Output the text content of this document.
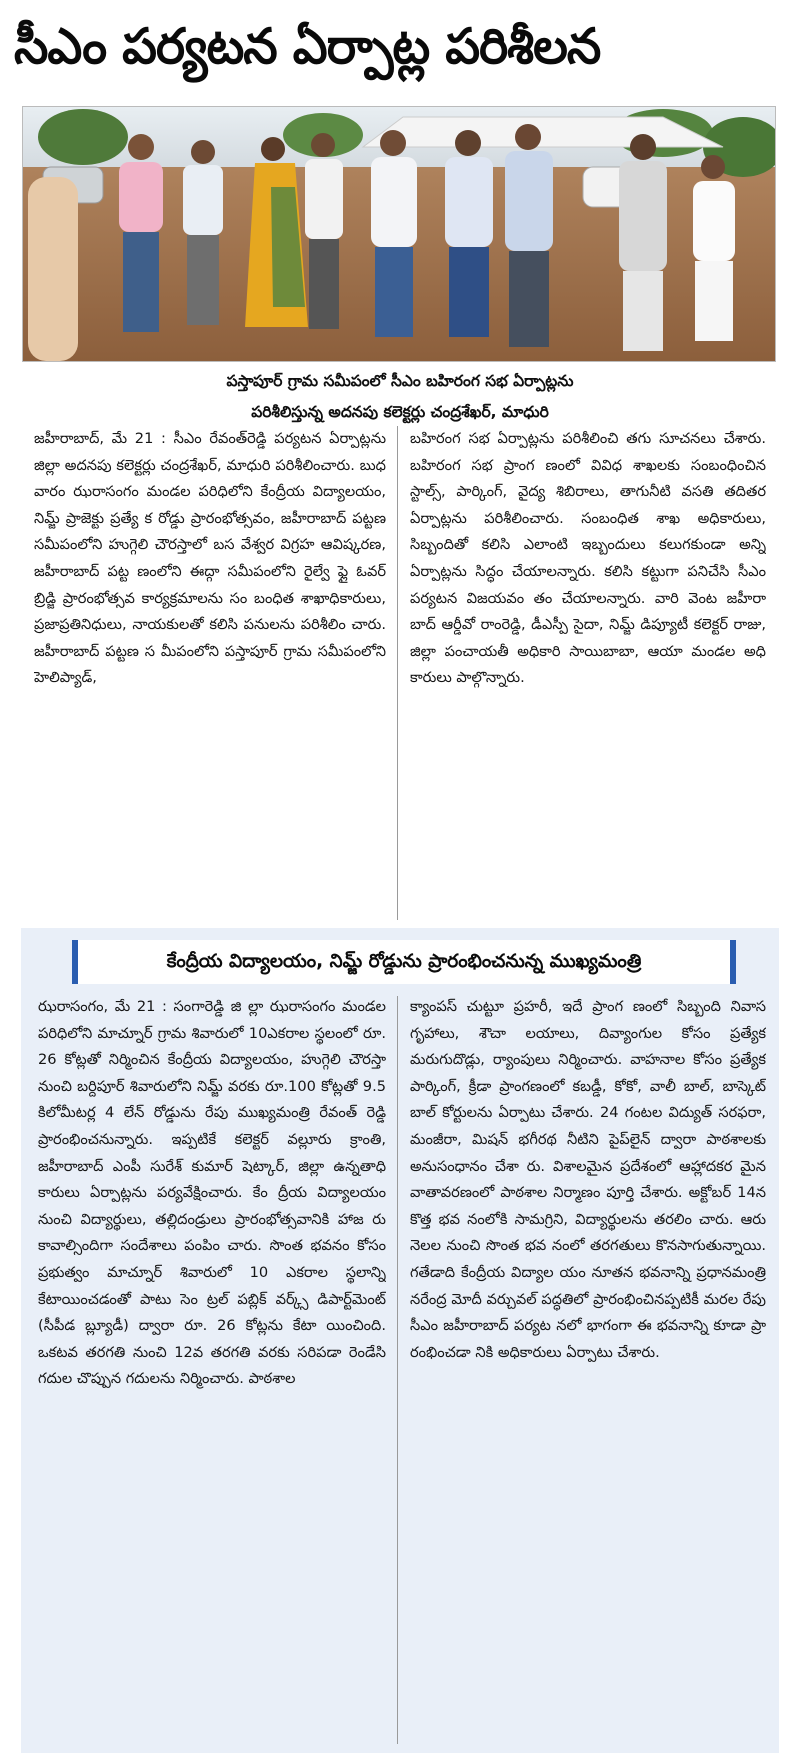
సీఎం పర్యటన ఏర్పాట్ల పరిశీలన
పస్తాపూర్ గ్రామ సమీపంలో సీఎం బహిరంగ సభ ఏర్పాట్లను
పరిశీలిస్తున్న అదనపు కలెక్టర్లు చంద్రశేఖర్, మాధురి

జహీరాబాద్, మే 21 : సీఎం రేవంత్‌రెడ్డి పర్యటన ఏర్పాట్లను జిల్లా అదనపు కలెక్టర్లు చంద్రశేఖర్, మాధురి పరిశీలించారు. బుధ వారం ఝరాసంగం మండల పరిధిలోని కేంద్రీయ విద్యాలయం, నిమ్జ్ ప్రాజెక్టు ప్రత్యే క రోడ్డు ప్రారంభోత్సవం, జహీరాబాద్ పట్టణ సమీపంలోని హుగ్గెలి చౌరస్తాలో బస వేశ్వర విగ్రహ ఆవిష్కరణ, జహీరాబాద్ పట్ట ణంలోని ఈద్గా సమీపంలోని రైల్వే ఫ్లై ఓవర్ బ్రిడ్జి ప్రారంభోత్సవ కార్యక్రమాలను సం బంధిత శాఖాధికారులు, ప్రజాప్రతినిధులు, నాయకులతో కలిసి పనులను పరిశీలిం చారు. జహీరాబాద్ పట్టణ స మీపంలోని పస్తాపూర్ గ్రామ సమీపంలోని హెలిప్యాడ్,

బహిరంగ సభ ఏర్పాట్లను పరిశీలించి తగు సూచనలు చేశారు. బహిరంగ సభ ప్రాంగ ణంలో వివిధ శాఖలకు సంబంధించిన స్టాల్స్, పార్కింగ్, వైద్య శిబిరాలు, తాగునీటి వసతి తదితర ఏర్పాట్లను పరిశీలించారు. సంబంధిత శాఖ అధికారులు, సిబ్బందితో కలిసి ఎలాంటి ఇబ్బందులు కలుగకుండా అన్ని ఏర్పాట్లను సిద్ధం చేయాలన్నారు. కలిసి కట్టుగా పనిచేసి సీఎం పర్యటన విజయవం తం చేయాలన్నారు. వారి వెంట జహీరా బాద్ ఆర్డీవో రాంరెడ్డి, డీఎస్పీ సైదా, నిమ్జ్ డిప్యూటీ కలెక్టర్ రాజు, జిల్లా పంచాయతీ అధికారి సాయిబాబా, ఆయా మండల అధి కారులు పాల్గొన్నారు.

కేంద్రీయ విద్యాలయం, నిమ్జ్ రోడ్డును ప్రారంభించనున్న ముఖ్యమంత్రి

ఝరాసంగం, మే 21 : సంగారెడ్డి జి ల్లా ఝరాసంగం మండల పరిధిలోని మాచ్నూర్ గ్రామ శివారులో 10ఎకరాల స్థలంలో రూ. 26 కోట్లతో నిర్మించిన కేంద్రీయ విద్యాలయం, హుగ్గెలి చౌరస్తా నుంచి బర్దిపూర్ శివారులోని నిమ్జ్ వరకు రూ.100 కోట్లతో 9.5 కిలోమీటర్ల 4 లేన్ రోడ్డును రేపు ముఖ్యమంత్రి రేవంత్ రెడ్డి ప్రారంభించనున్నారు. ఇప్పటికే కలెక్టర్ వల్లూరు క్రాంతి, జహీరాబాద్ ఎంపీ సురేశ్ కుమార్ షెట్కార్, జిల్లా ఉన్నతాధి కారులు ఏర్పాట్లను పర్యవేక్షించారు. కేం ద్రీయ విద్యాలయం నుంచి విద్యార్థులు, తల్లిదండ్రులు ప్రారంభోత్సవానికి హాజ రు కావాల్సిందిగా సందేశాలు పంపిం చారు. సొంత భవనం కోసం ప్రభుత్వం మాచ్నూర్ శివారులో 10 ఎకరాల స్థలాన్ని కేటాయించడంతో పాటు సెం ట్రల్ పబ్లిక్ వర్క్స్ డిపార్ట్‌మెంట్ (సీపీడ బ్ల్యూడీ) ద్వారా రూ. 26 కోట్లను కేటా యించింది. ఒకటవ తరగతి నుంచి 12వ తరగతి వరకు సరిపడా రెండేసి గదుల చొప్పున గదులను నిర్మించారు. పాఠశాల

క్యాంపస్ చుట్టూ ప్రహరీ, ఇదే ప్రాంగ ణంలో సిబ్బంది నివాస గృహాలు, శౌచా లయాలు, దివ్యాంగుల కోసం ప్రత్యేక మరుగుదొడ్లు, ర్యాంపులు నిర్మించారు. వాహనాల కోసం ప్రత్యేక పార్కింగ్, క్రీడా ప్రాంగణంలో కబడ్డీ, కోకో, వాలీ బాల్, బాస్కెట్ బాల్ కోర్టులను ఏర్పాటు చేశారు. 24 గంటల విద్యుత్ సరఫరా, మంజీరా, మిషన్ భగీరథ నీటిని పైప్‌లైన్ ద్వారా పాఠశాలకు అనుసంధానం చేశా రు. విశాలమైన ప్రదేశంలో ఆహ్లాదకర మైన వాతావరణంలో పాఠశాల నిర్మాణం పూర్తి చేశారు. అక్టోబర్ 14న కొత్త భవ నంలోకి సామగ్రిని, విద్యార్థులను తరలిం చారు. ఆరు నెలల నుంచి సొంత భవ నంలో తరగతులు కొనసాగుతున్నాయి. గతేడాది కేంద్రీయ విద్యాల యం నూతన భవనాన్ని ప్రధానమంత్రి నరేంద్ర మోదీ వర్చువల్ పద్ధతిలో ప్రారంభించినప్పటికీ మరల రేపు సీఎం జహీరాబాద్ పర్యట నలో భాగంగా ఈ భవనాన్ని కూడా ప్రా రంభించడా నికి అధికారులు ఏర్పాటు చేశారు.
